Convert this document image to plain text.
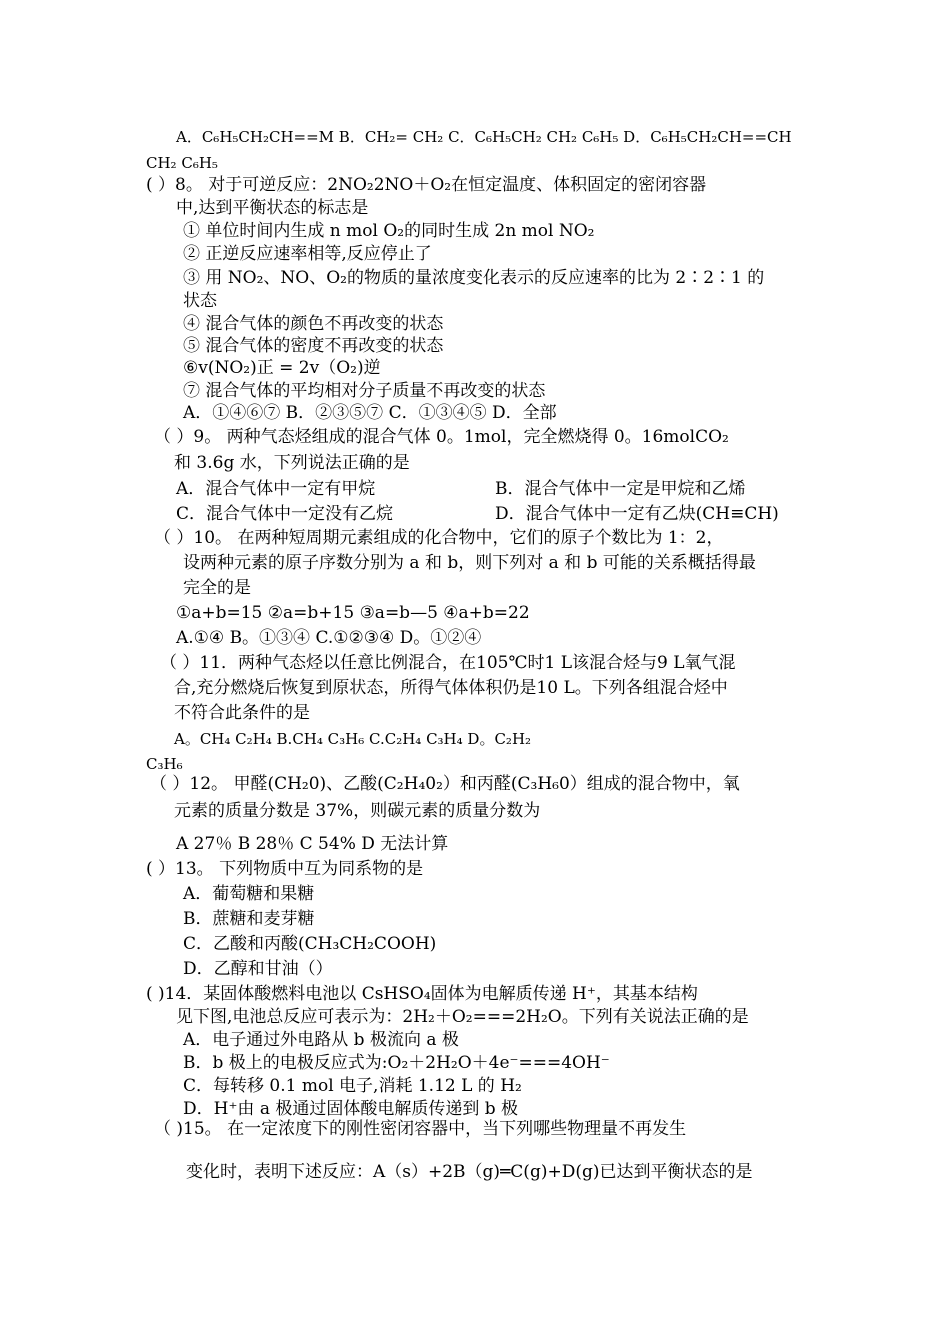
A．C₆H₅CH₂CH==M B．CH₂= CH₂ C．C₆H₅CH₂ CH₂ C₆H₅ D．C₆H₅CH₂CH==CH
CH₂ C₆H₅
( ）8。 对于可逆反应：2NO₂2NO＋O₂在恒定温度、体积固定的密闭容器
中,达到平衡状态的标志是
① 单位时间内生成 n mol O₂的同时生成 2n mol NO₂
② 正逆反应速率相等,反应停止了
③ 用 NO₂、NO、O₂的物质的量浓度变化表示的反应速率的比为 2∶2∶1 的
状态
④ 混合气体的颜色不再改变的状态
⑤ 混合气体的密度不再改变的状态
⑥v(NO₂)正 = 2v（O₂)逆
⑦ 混合气体的平均相对分子质量不再改变的状态
A．①④⑥⑦ B．②③⑤⑦ C．①③④⑤ D．全部
（ ）9。 两种气态烃组成的混合气体 0。1mol，完全燃烧得 0。16molCO₂
和 3.6g 水，下列说法正确的是
A．混合气体中一定有甲烷	B．混合气体中一定是甲烷和乙烯
C．混合气体中一定没有乙烷	D．混合气体中一定有乙炔(CH≡CH)
（ ）10。 在两种短周期元素组成的化合物中，它们的原子个数比为 1：2，
设两种元素的原子序数分别为 a 和 b，则下列对 a 和 b 可能的关系概括得最
完全的是
①a+b=15 ②a=b+15 ③a=b—5 ④a+b=22
A.①④ B。①③④ C.①②③④ D。①②④
（ ）11．两种气态烃以任意比例混合，在105℃时1 L该混合烃与9 L氧气混
合,充分燃烧后恢复到原状态，所得气体体积仍是10 L。下列各组混合烃中
不符合此条件的是
A。CH₄ C₂H₄ B.CH₄ C₃H₆ C.C₂H₄ C₃H₄ D。C₂H₂
C₃H₆
（ ）12。 甲醛(CH₂0)、乙酸(C₂H₄0₂）和丙醛(C₃H₆0）组成的混合物中，氧
元素的质量分数是 37%，则碳元素的质量分数为
A 27％ B 28％ C 54% D 无法计算
( ）13。 下列物质中互为同系物的是
A．葡萄糖和果糖
B．蔗糖和麦芽糖
C．乙酸和丙酸(CH₃CH₂COOH)
D．乙醇和甘油（）
( )14．某固体酸燃料电池以 CsHSO₄固体为电解质传递 H⁺，其基本结构
见下图,电池总反应可表示为：2H₂＋O₂===2H₂O。下列有关说法正确的是
A．电子通过外电路从 b 极流向 a 极
B．b 极上的电极反应式为:O₂＋2H₂O＋4e⁻===4OH⁻
C．每转移 0.1 mol 电子,消耗 1.12 L 的 H₂
D．H⁺由 a 极通过固体酸电解质传递到 b 极
（ )15。 在一定浓度下的刚性密闭容器中，当下列哪些物理量不再发生
变化时，表明下述反应：A（s）+2B（g)═C(g)+D(g)已达到平衡状态的是
